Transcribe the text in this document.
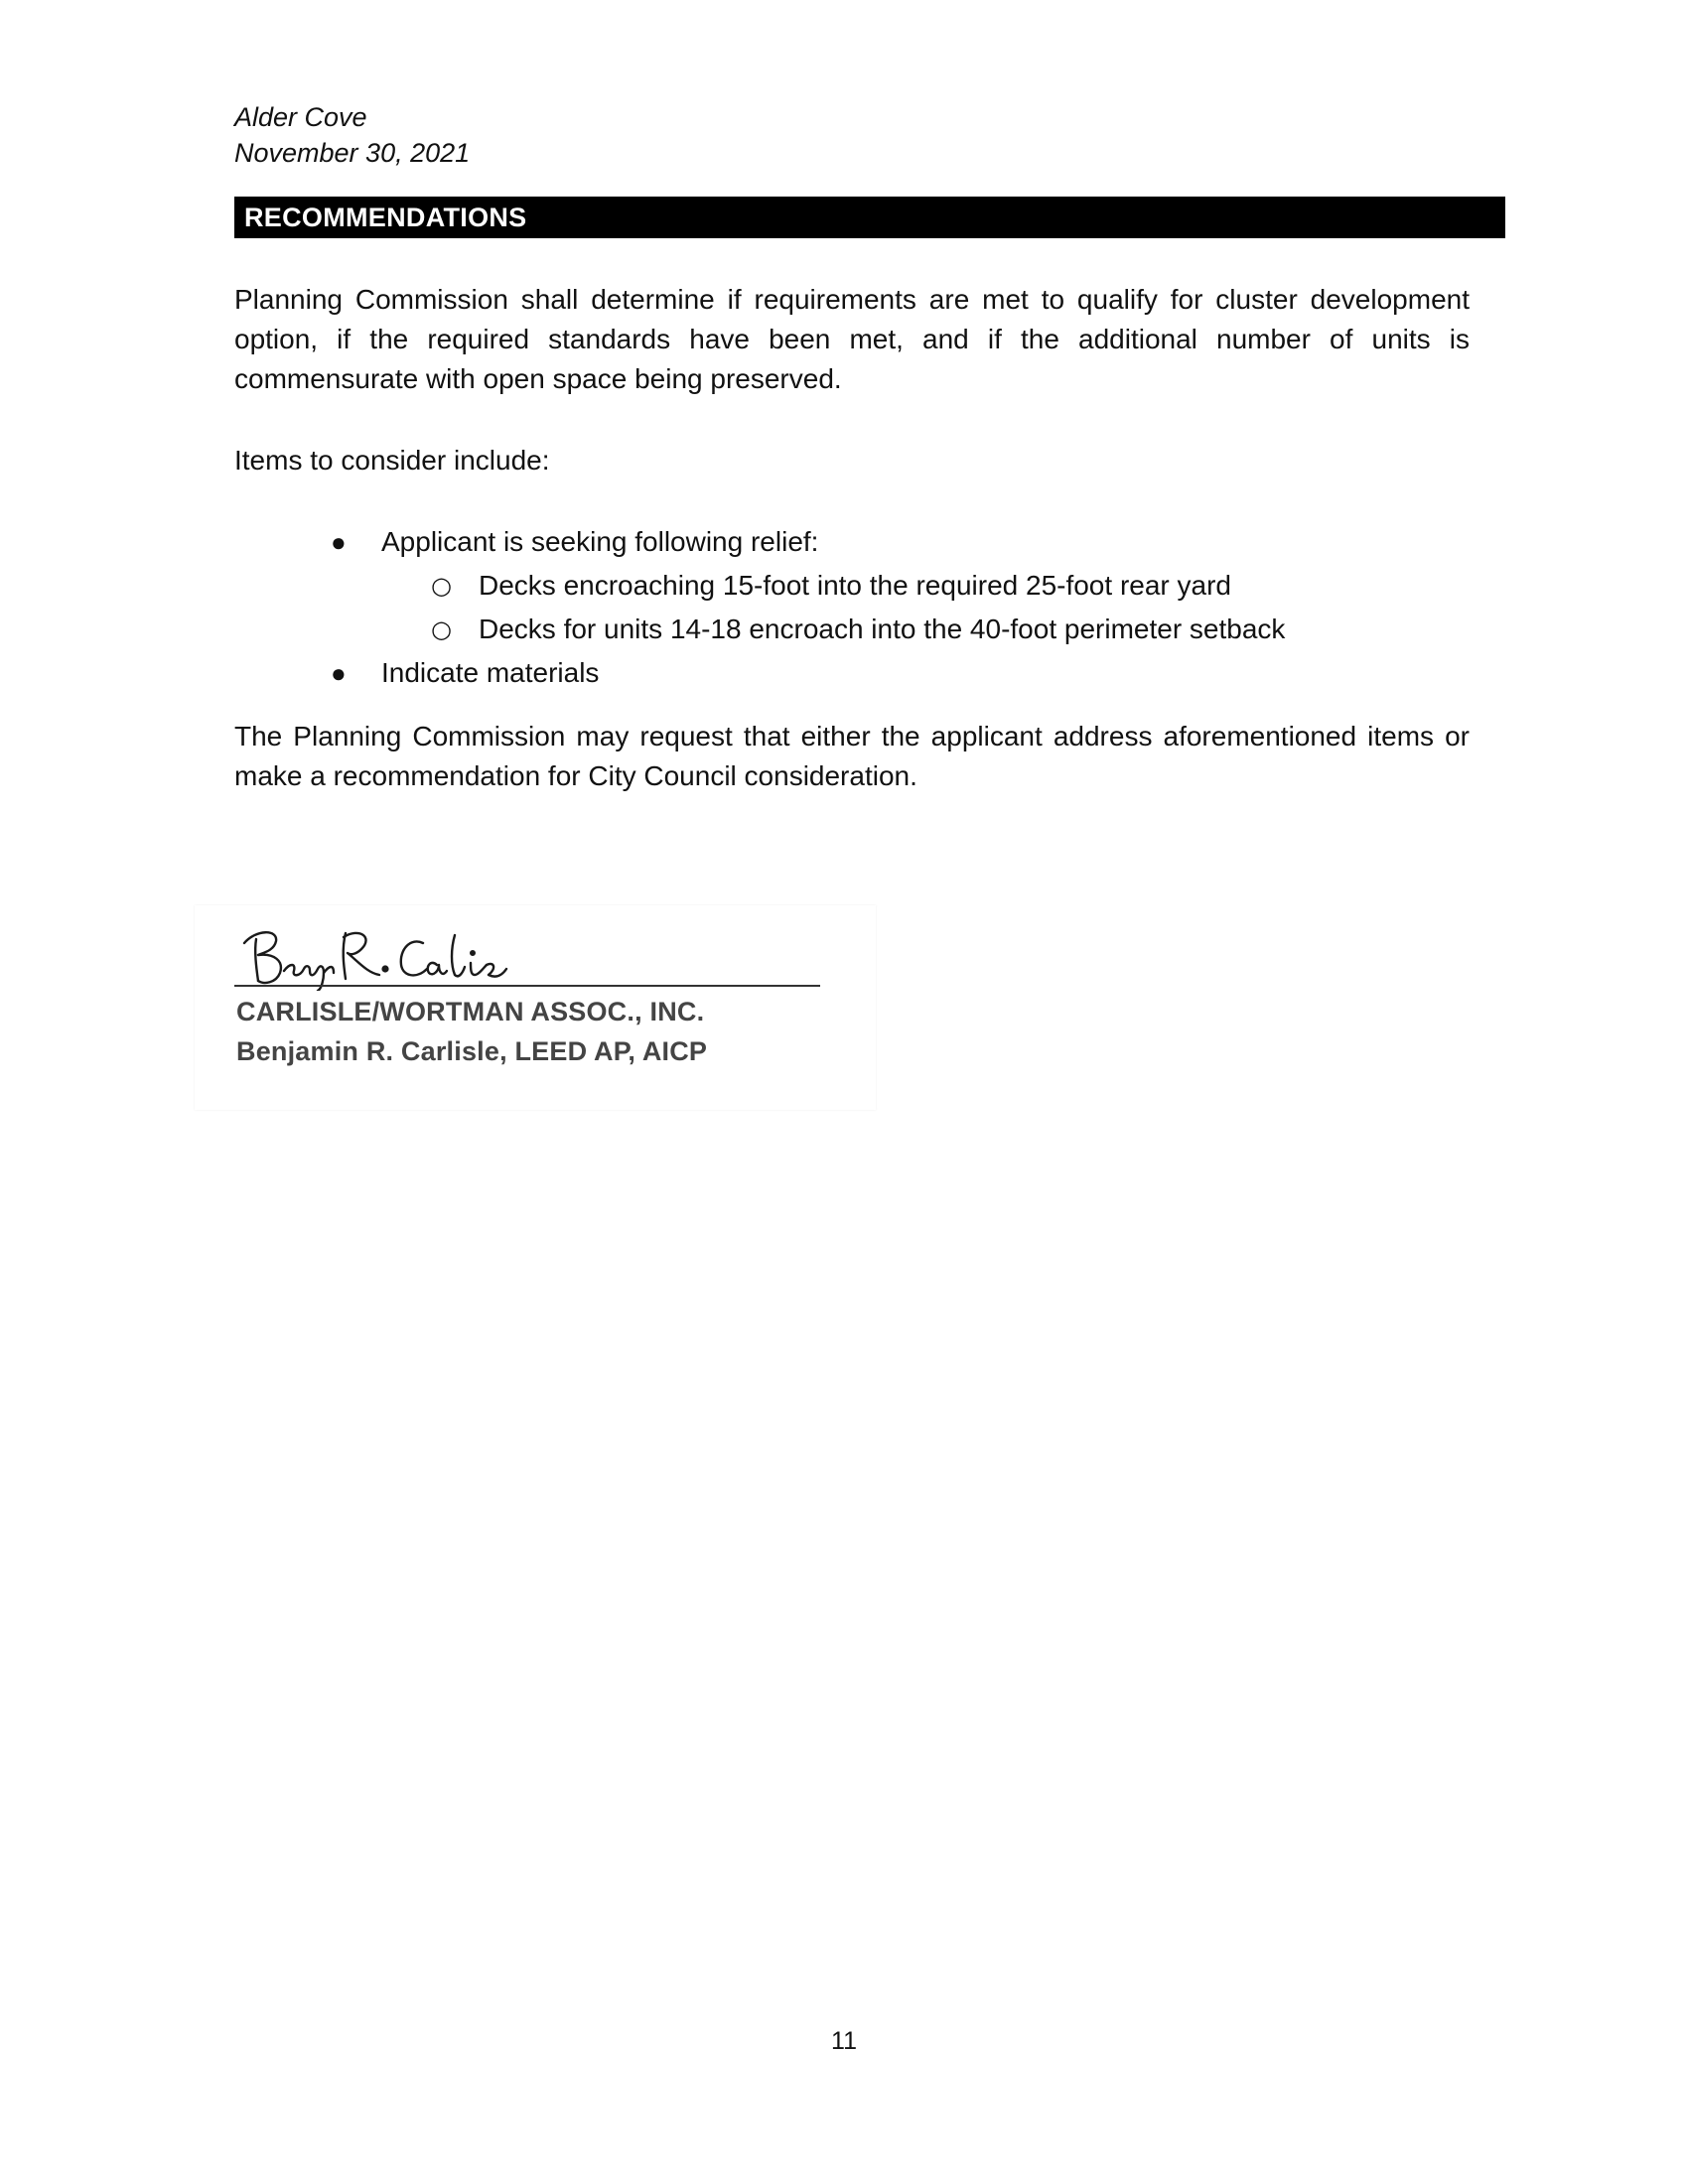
Alder Cove
November 30, 2021
RECOMMENDATIONS

Planning Commission shall determine if requirements are met to qualify for cluster development option, if the required standards have been met, and if the additional number of units is commensurate with open space being preserved.

Items to consider include:

● Applicant is seeking following relief:
○ Decks encroaching 15-foot into the required 25-foot rear yard
○ Decks for units 14-18 encroach into the 40-foot perimeter setback
● Indicate materials

The Planning Commission may request that either the applicant address aforementioned items or make a recommendation for City Council consideration.

CARLISLE/WORTMAN ASSOC., INC.
Benjamin R. Carlisle, LEED AP, AICP
11
